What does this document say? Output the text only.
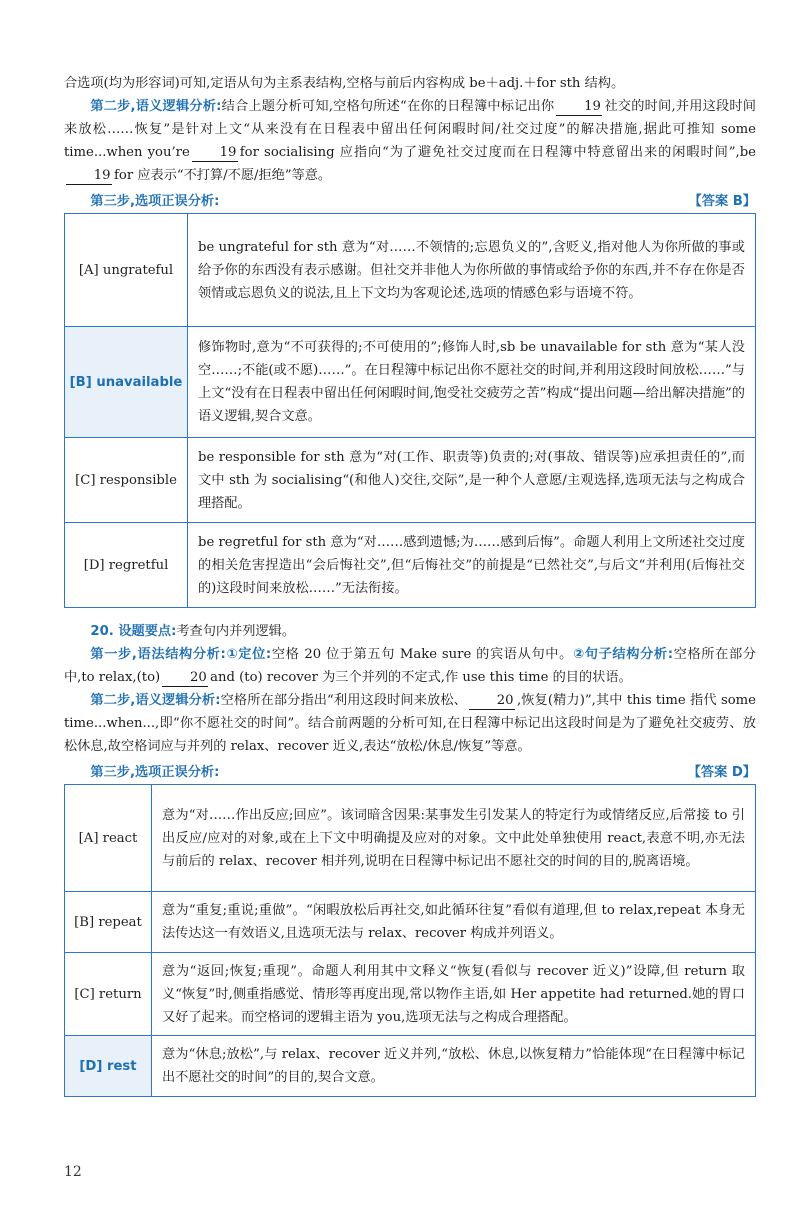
合选项(均为形容词)可知,定语从句为主系表结构,空格与前后内容构成 be＋adj.＋for sth 结构。

第二步,语义逻辑分析:结合上题分析可知,空格句所述“在你的日程簿中标记出你 19 社交的时间,并用这段时间来放松……恢复”是针对上文“从来没有在日程表中留出任何闲暇时间/社交过度”的解决措施,据此可推知 some time...when you’re 19 for socialising 应指向“为了避免社交过度而在日程簿中特意留出来的闲暇时间”,be19 for 应表示“不打算/不愿/拒绝”等意。

第三步,选项正误分析:	【答案 B】
[A] ungrateful	be ungrateful for sth 意为“对……不领情的;忘恩负义的”,含贬义,指对他人为你所做的事或给予你的东西没有表示感谢。但社交并非他人为你所做的事情或给予你的东西,并不存在你是否领情或忘恩负义的说法,且上下文均为客观论述,选项的情感色彩与语境不符。
[B] unavailable	修饰物时,意为“不可获得的;不可使用的”;修饰人时,sb be unavailable for sth 意为“某人没空……;不能(或不愿)……”。在日程簿中标记出你不愿社交的时间,并利用这段时间放松……”与上文“没有在日程表中留出任何闲暇时间,饱受社交疲劳之苦”构成“提出问题—给出解决措施”的语义逻辑,契合文意。
[C] responsible	be responsible for sth 意为“对(工作、职责等)负责的;对(事故、错误等)应承担责任的”,而文中 sth 为 socialising“(和他人)交往,交际”,是一种个人意愿/主观选择,选项无法与之构成合理搭配。
[D] regretful	be regretful for sth 意为“对……感到遗憾;为……感到后悔”。命题人利用上文所述社交过度的相关危害捏造出“会后悔社交”,但“后悔社交”的前提是“已然社交”,与后文“并利用(后悔社交的)这段时间来放松……”无法衔接。

20. 设题要点:考查句内并列逻辑。

第一步,语法结构分析:①定位:空格 20 位于第五句 Make sure 的宾语从句中。②句子结构分析:空格所在部分中,to relax,(to) 20 and (to) recover 为三个并列的不定式,作 use this time 的目的状语。

第二步,语义逻辑分析:空格所在部分指出“利用这段时间来放松、 20 ,恢复(精力)”,其中 this time 指代 some time...when...,即“你不愿社交的时间”。结合前两题的分析可知,在日程簿中标记出这段时间是为了避免社交疲劳、放松休息,故空格词应与并列的 relax、recover 近义,表达“放松/休息/恢复”等意。

第三步,选项正误分析:	【答案 D】
[A] react	意为“对……作出反应;回应”。该词暗含因果:某事发生引发某人的特定行为或情绪反应,后常接 to 引出反应/应对的对象,或在上下文中明确提及应对的对象。文中此处单独使用 react,表意不明,亦无法与前后的 relax、recover 相并列,说明在日程簿中标记出不愿社交的时间的目的,脱离语境。
[B] repeat	意为“重复;重说;重做”。“闲暇放松后再社交,如此循环往复”看似有道理,但 to relax,repeat 本身无法传达这一有效语义,且选项无法与 relax、recover 构成并列语义。
[C] return	意为“返回;恢复;重现”。命题人利用其中文释义“恢复(看似与 recover 近义)”设障,但 return 取义“恢复”时,侧重指感觉、情形等再度出现,常以物作主语,如 Her appetite had returned.她的胃口又好了起来。而空格词的逻辑主语为 you,选项无法与之构成合理搭配。
[D] rest	意为“休息;放松”,与 relax、recover 近义并列,“放松、休息,以恢复精力”恰能体现“在日程簿中标记出不愿社交的时间”的目的,契合文意。
12
